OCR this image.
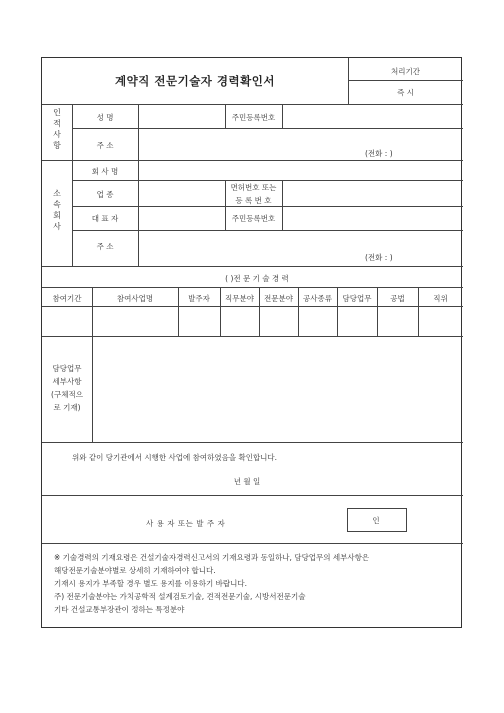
계약직 전문기술자 경력확인서
처리기간
즉 시
인
적
사
항
성 명	주민등록번호
주 소
(전화 : )
소
속
회
사
회 사 명
업 종
면허번호 또는
등 록 번 호
대 표 자	주민등록번호
주 소
(전화 : )
( )전 문 기 술 경 력
참여기간	참여사업명	발주자	직무분야	전문분야	공사종류	담당업무	공법	직위
담당업무
세부사항
(구체적으
로 기재)
위와 같이 당기관에서 시행한 사업에 참여하였음을 확인합니다.
년 월 일
사 용 자 또는 발 주 자	인
※ 기술경력의 기재요령은 건설기술자경력신고서의 기재요령과 동일하나, 담당업무의 세부사항은
해당전문기술분야별로 상세히 기재하여야 합니다.
기재시 용지가 부족할 경우 별도 용지를 이용하기 바랍니다.
주) 전문기술분야는 가치공학적 설계검토기술, 견적전문기술, 시방서전문기술
기타 건설교통부장관이 정하는 특정분야
